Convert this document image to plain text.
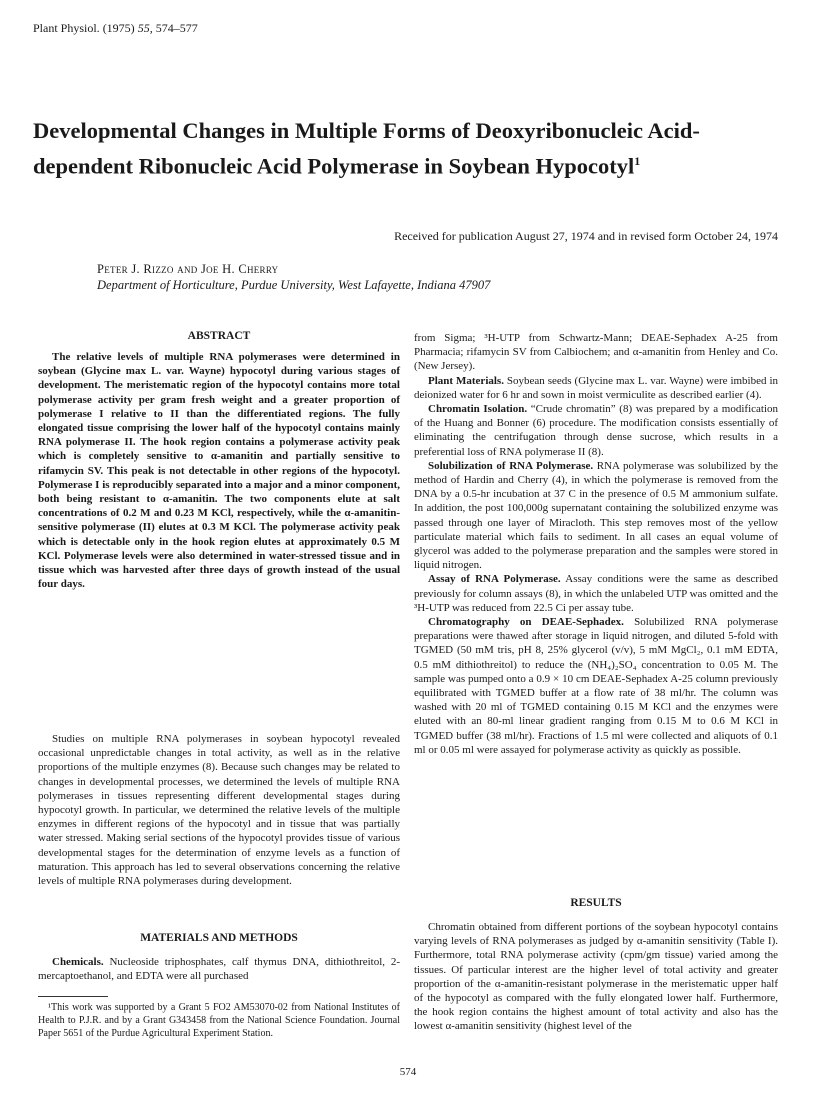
Plant Physiol. (1975) 55, 574–577
Developmental Changes in Multiple Forms of Deoxyribonucleic Acid-dependent Ribonucleic Acid Polymerase in Soybean Hypocotyl$^1$
Received for publication August 27, 1974 and in revised form October 24, 1974
Peter J. Rizzo and Joe H. Cherry
Department of Horticulture, Purdue University, West Lafayette, Indiana 47907
ABSTRACT

The relative levels of multiple RNA polymerases were determined in soybean (Glycine max L. var. Wayne) hypocotyl during various stages of development. The meristematic region of the hypocotyl contains more total polymerase activity per gram fresh weight and a greater proportion of polymerase I relative to II than the differentiated regions. The fully elongated tissue comprising the lower half of the hypocotyl contains mainly RNA polymerase II. The hook region contains a polymerase activity peak which is completely sensitive to α-amanitin and partially sensitive to rifamycin SV. This peak is not detectable in other regions of the hypocotyl. Polymerase I is reproducibly separated into a major and a minor component, both being resistant to α-amanitin. The two components elute at salt concentrations of 0.2 M and 0.23 M KCl, respectively, while the α-amanitin-sensitive polymerase (II) elutes at 0.3 M KCl. The polymerase activity peak which is detectable only in the hook region elutes at approximately 0.5 M KCl. Polymerase levels were also determined in water-stressed tissue and in tissue which was harvested after three days of growth instead of the usual four days.

Studies on multiple RNA polymerases in soybean hypocotyl revealed occasional unpredictable changes in total activity, as well as in the relative proportions of the multiple enzymes (8). Because such changes may be related to changes in developmental processes, we determined the levels of multiple RNA polymerases in tissues representing different developmental stages during hypocotyl growth. In particular, we determined the relative levels of the multiple enzymes in different regions of the hypocotyl and in tissue that was partially water stressed. Making serial sections of the hypocotyl provides tissue of various developmental stages for the determination of enzyme levels as a function of maturation. This approach has led to several observations concerning the relative levels of multiple RNA polymerases during development.

MATERIALS AND METHODS

Chemicals. Nucleoside triphosphates, calf thymus DNA, dithiothreitol, 2-mercaptoethanol, and EDTA were all purchased

¹This work was supported by a Grant 5 FO2 AM53070-02 from National Institutes of Health to P.J.R. and by a Grant G343458 from the National Science Foundation. Journal Paper 5651 of the Purdue Agricultural Experiment Station.

from Sigma; ³H-UTP from Schwartz-Mann; DEAE-Sephadex A-25 from Pharmacia; rifamycin SV from Calbiochem; and α-amanitin from Henley and Co. (New Jersey).

Plant Materials. Soybean seeds (Glycine max L. var. Wayne) were imbibed in deionized water for 6 hr and sown in moist vermiculite as described earlier (4).

Chromatin Isolation. “Crude chromatin” (8) was prepared by a modification of the Huang and Bonner (6) procedure. The modification consists essentially of eliminating the centrifugation through dense sucrose, which results in a preferential loss of RNA polymerase II (8).

Solubilization of RNA Polymerase. RNA polymerase was solubilized by the method of Hardin and Cherry (4), in which the polymerase is removed from the DNA by a 0.5-hr incubation at 37 C in the presence of 0.5 M ammonium sulfate. In addition, the post 100,000g supernatant containing the solubilized enzyme was passed through one layer of Miracloth. This step removes most of the yellow particulate material which fails to sediment. In all cases an equal volume of glycerol was added to the polymerase preparation and the samples were stored in liquid nitrogen.

Assay of RNA Polymerase. Assay conditions were the same as described previously for column assays (8), in which the unlabeled UTP was omitted and the ³H-UTP was reduced from 22.5 Ci per assay tube.

Chromatography on DEAE-Sephadex. Solubilized RNA polymerase preparations were thawed after storage in liquid nitrogen, and diluted 5-fold with TGMED (50 mM tris, pH 8, 25% glycerol (v/v), 5 mM MgCl₂, 0.1 mM EDTA, 0.5 mM dithiothreitol) to reduce the (NH₄)₂SO₄ concentration to 0.05 M. The sample was pumped onto a 0.9 × 10 cm DEAE-Sephadex A-25 column previously equilibrated with TGMED buffer at a flow rate of 38 ml/hr. The column was washed with 20 ml of TGMED containing 0.15 M KCl and the enzymes were eluted with an 80-ml linear gradient ranging from 0.15 M to 0.6 M KCl in TGMED buffer (38 ml/hr). Fractions of 1.5 ml were collected and aliquots of 0.1 ml or 0.05 ml were assayed for polymerase activity as quickly as possible.

RESULTS

Chromatin obtained from different portions of the soybean hypocotyl contains varying levels of RNA polymerases as judged by α-amanitin sensitivity (Table I). Furthermore, total RNA polymerase activity (cpm/gm tissue) varied among the tissues. Of particular interest are the higher level of total activity and greater proportion of the α-amanitin-resistant polymerase in the meristematic upper half of the hypocotyl as compared with the fully elongated lower half. Furthermore, the hook region contains the highest amount of total activity and also has the lowest α-amanitin sensitivity (highest level of the

574
